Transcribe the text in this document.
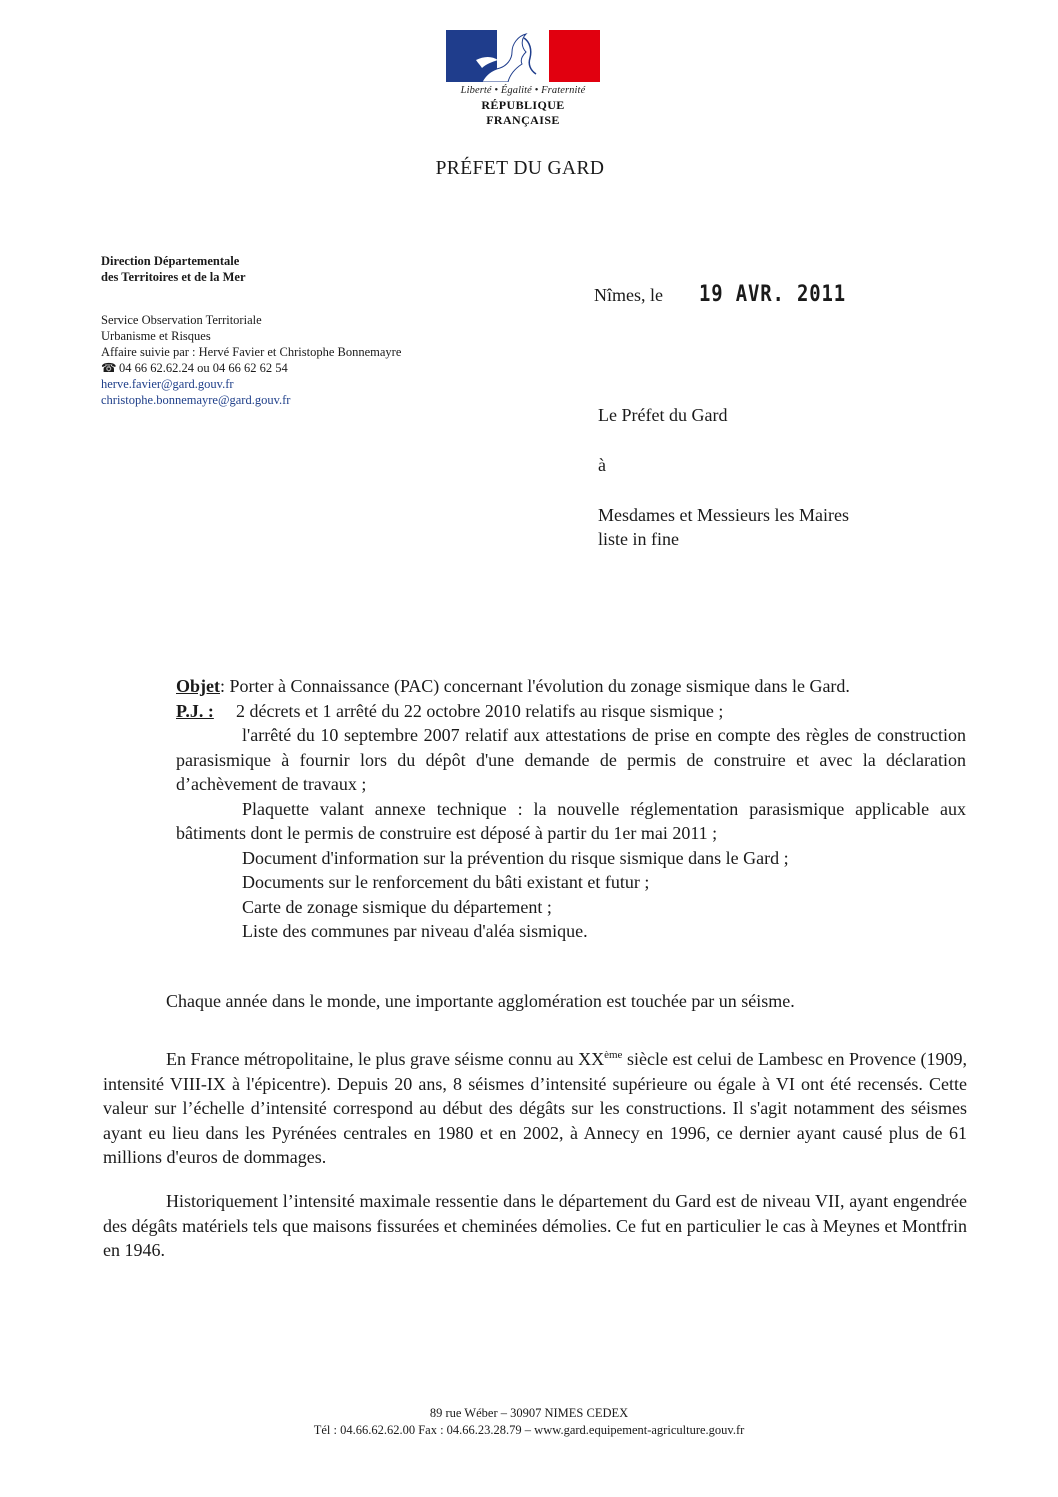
Liberté • Égalité • Fraternité
RÉPUBLIQUE FRANÇAISE
PRÉFET DU GARD
Direction Départementale
des Territoires et de la Mer
Service Observation Territoriale
Urbanisme et Risques
Affaire suivie par : Hervé Favier et Christophe Bonnemayre
☎ 04 66 62.62.24 ou 04 66 62 62 54
herve.favier@gard.gouv.fr
christophe.bonnemayre@gard.gouv.fr
Nîmes, le 19 AVR. 2011
Le Préfet du Gard
à
Mesdames et Messieurs les Maires
liste in fine
Objet: Porter à Connaissance (PAC) concernant l'évolution du zonage sismique dans le Gard.
P.J. :	2 décrets et 1 arrêté du 22 octobre 2010 relatifs au risque sismique ;
l'arrêté du 10 septembre 2007 relatif aux attestations de prise en compte des règles de construction parasismique à fournir lors du dépôt d'une demande de permis de construire et avec la déclaration d’achèvement de travaux ;
Plaquette valant annexe technique : la nouvelle réglementation parasismique applicable aux bâtiments dont le permis de construire est déposé à partir du 1er mai 2011 ;
Document d'information sur la prévention du risque sismique dans le Gard ;
Documents sur le renforcement du bâti existant et futur ;
Carte de zonage sismique du département ;
Liste des communes par niveau d'aléa sismique.
Chaque année dans le monde, une importante agglomération est touchée par un séisme.
En France métropolitaine, le plus grave séisme connu au XXème siècle est celui de Lambesc en Provence (1909, intensité VIII-IX à l'épicentre). Depuis 20 ans, 8 séismes d’intensité supérieure ou égale à VI ont été recensés. Cette valeur sur l’échelle d’intensité correspond au début des dégâts sur les constructions. Il s'agit notamment des séismes ayant eu lieu dans les Pyrénées centrales en 1980 et en 2002, à Annecy en 1996, ce dernier ayant causé plus de 61 millions d'euros de dommages.
Historiquement l’intensité maximale ressentie dans le département du Gard est de niveau VII, ayant engendrée des dégâts matériels tels que maisons fissurées et cheminées démolies. Ce fut en particulier le cas à Meynes et Montfrin en 1946.
89 rue Wéber – 30907 NIMES CEDEX
Tél : 04.66.62.62.00 Fax : 04.66.23.28.79 – www.gard.equipement-agriculture.gouv.fr
